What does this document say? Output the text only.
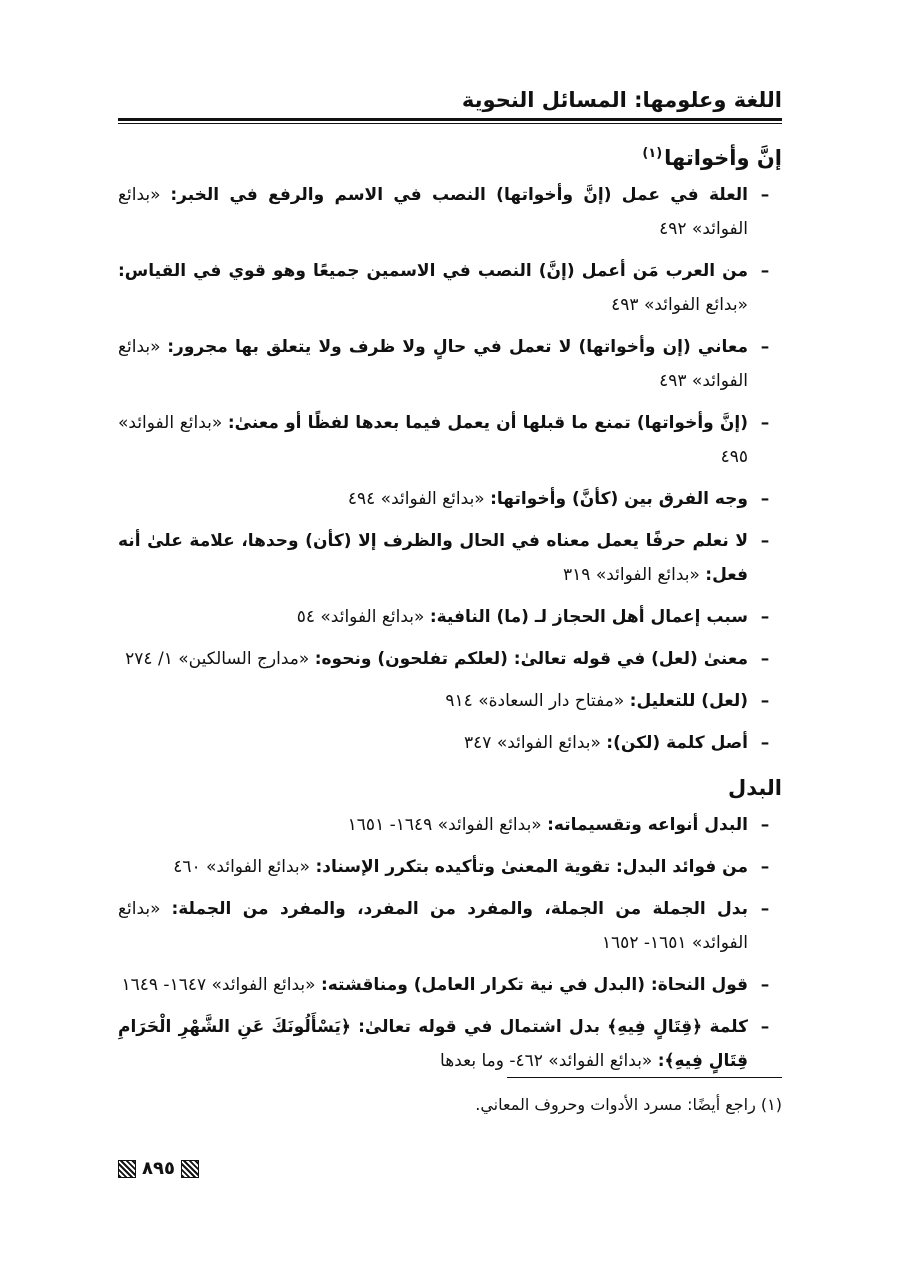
اللغة وعلومها: المسائل النحوية
إنَّ وأخواتها$^{(١)}$
–
العلة في عمل (إنَّ وأخواتها) النصب في الاسم والرفع في الخبر: «بدائع الفوائد» ٤٩٢
–
من العرب مَن أعمل (إنَّ) النصب في الاسمين جميعًا وهو قوي في القياس: «بدائع الفوائد» ٤٩٣
–
معاني (إن وأخواتها) لا تعمل في حالٍ ولا ظرف ولا يتعلق بها مجرور: «بدائع الفوائد» ٤٩٣
–
(إنَّ وأخواتها) تمنع ما قبلها أن يعمل فيما بعدها لفظًا أو معنىٰ: «بدائع الفوائد» ٤٩٥
–
وجه الفرق بين (كأنَّ) وأخواتها: «بدائع الفوائد» ٤٩٤
–
لا نعلم حرفًا يعمل معناه في الحال والظرف إلا (كأن) وحدها، علامة علىٰ أنه فعل: «بدائع الفوائد» ٣١٩
–
سبب إعمال أهل الحجاز لـ (ما) النافية: «بدائع الفوائد» ٥٤
–
معنىٰ (لعل) في قوله تعالىٰ: (لعلكم تفلحون) ونحوه: «مدارج السالكين» ١/ ٢٧٤
–
(لعل) للتعليل: «مفتاح دار السعادة» ٩١٤
–
أصل كلمة (لكن): «بدائع الفوائد» ٣٤٧
البدل
–
البدل أنواعه وتقسيماته: «بدائع الفوائد» ١٦٤٩- ١٦٥١
–
من فوائد البدل: تقوية المعنىٰ وتأكيده بتكرر الإسناد: «بدائع الفوائد» ٤٦٠
–
بدل الجملة من الجملة، والمفرد من المفرد، والمفرد من الجملة: «بدائع الفوائد» ١٦٥١- ١٦٥٢
–
قول النحاة: (البدل في نية تكرار العامل) ومناقشته: «بدائع الفوائد» ١٦٤٧- ١٦٤٩
–
كلمة ﴿قِتَالٍ فِيهِ﴾ بدل اشتمال في قوله تعالىٰ: ﴿يَسْأَلُونَكَ عَنِ الشَّهْرِ الْحَرَامِ قِتَالٍ فِيهِ﴾: «بدائع الفوائد» ٤٦٢- وما بعدها
(١) راجع أيضًا: مسرد الأدوات وحروف المعاني.
٨٩٥
